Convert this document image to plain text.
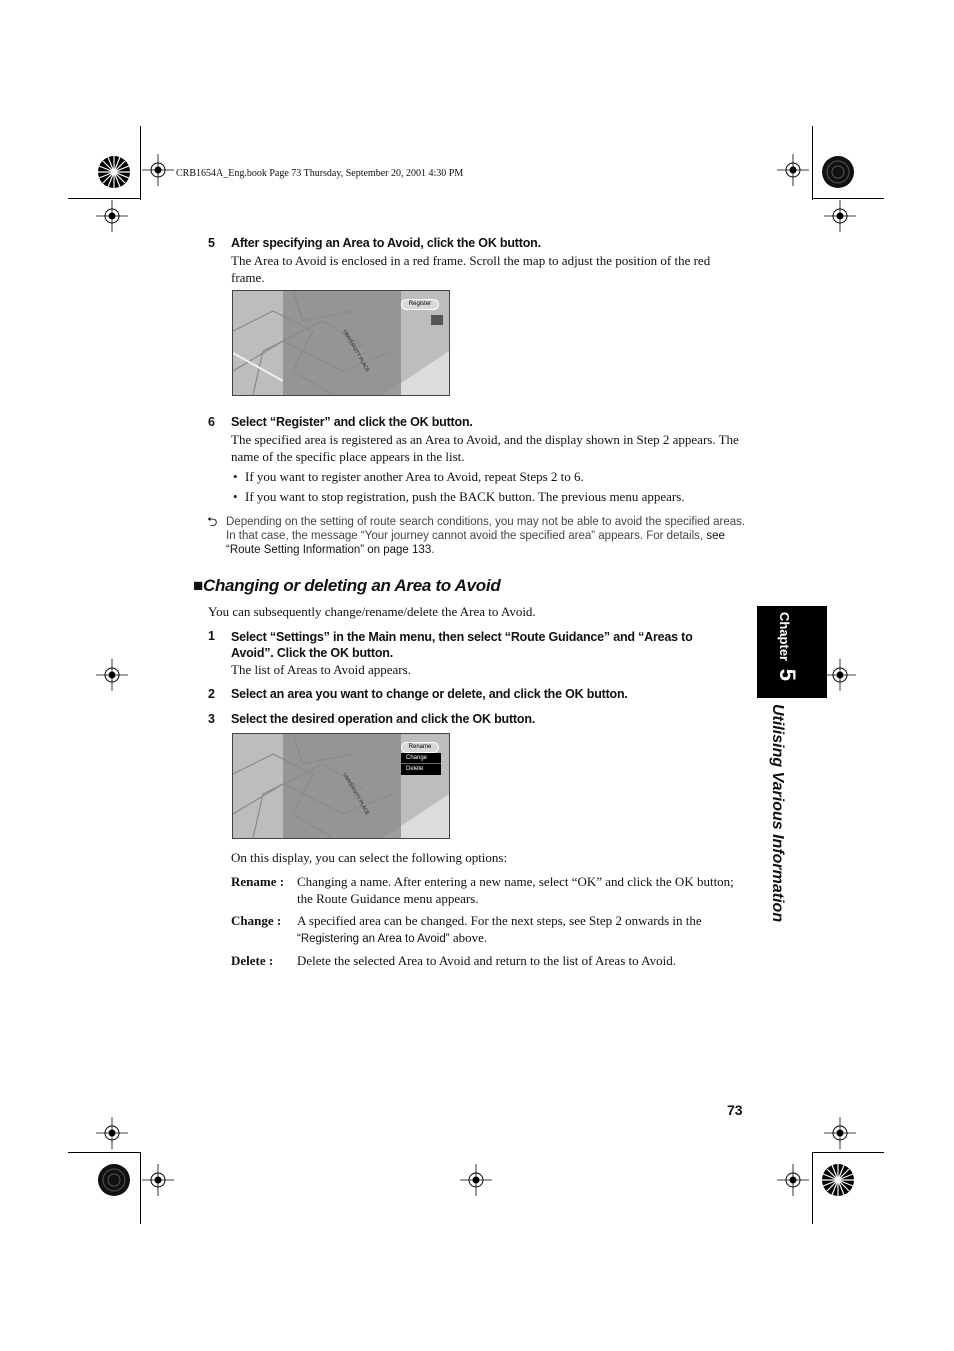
CRB1654A_Eng.book Page 73 Thursday, September 20, 2001 4:30 PM
5 After specifying an Area to Avoid, click the OK button.
The Area to Avoid is enclosed in a red frame. Scroll the map to adjust the position of the red frame.
UNIVERSITY PLACE
Register
6 Select “Register” and click the OK button.
The specified area is registered as an Area to Avoid, and the display shown in Step 2 appears. The name of the specific place appears in the list.
• If you want to register another Area to Avoid, repeat Steps 2 to 6.
• If you want to stop registration, push the BACK button. The previous menu appears.
⮌ Depending on the setting of route search conditions, you may not be able to avoid the specified areas. In that case, the message “Your journey cannot avoid the specified area” appears. For details, see “Route Setting Information” on page 133.
■Changing or deleting an Area to Avoid
You can subsequently change/rename/delete the Area to Avoid.
1 Select “Settings” in the Main menu, then select “Route Guidance” and “Areas to Avoid”. Click the OK button.
The list of Areas to Avoid appears.
2 Select an area you want to change or delete, and click the OK button.
3 Select the desired operation and click the OK button.
UNIVERSITY PLACE
Rename
Change
Delete
On this display, you can select the following options:
Rename : Changing a name. After entering a new name, select “OK” and click the OK button; the Route Guidance menu appears.
Change : A specified area can be changed. For the next steps, see Step 2 onwards in the “Registering an Area to Avoid” above.
Delete : Delete the selected Area to Avoid and return to the list of Areas to Avoid.
Chapter 5
Utilising Various Information
73
